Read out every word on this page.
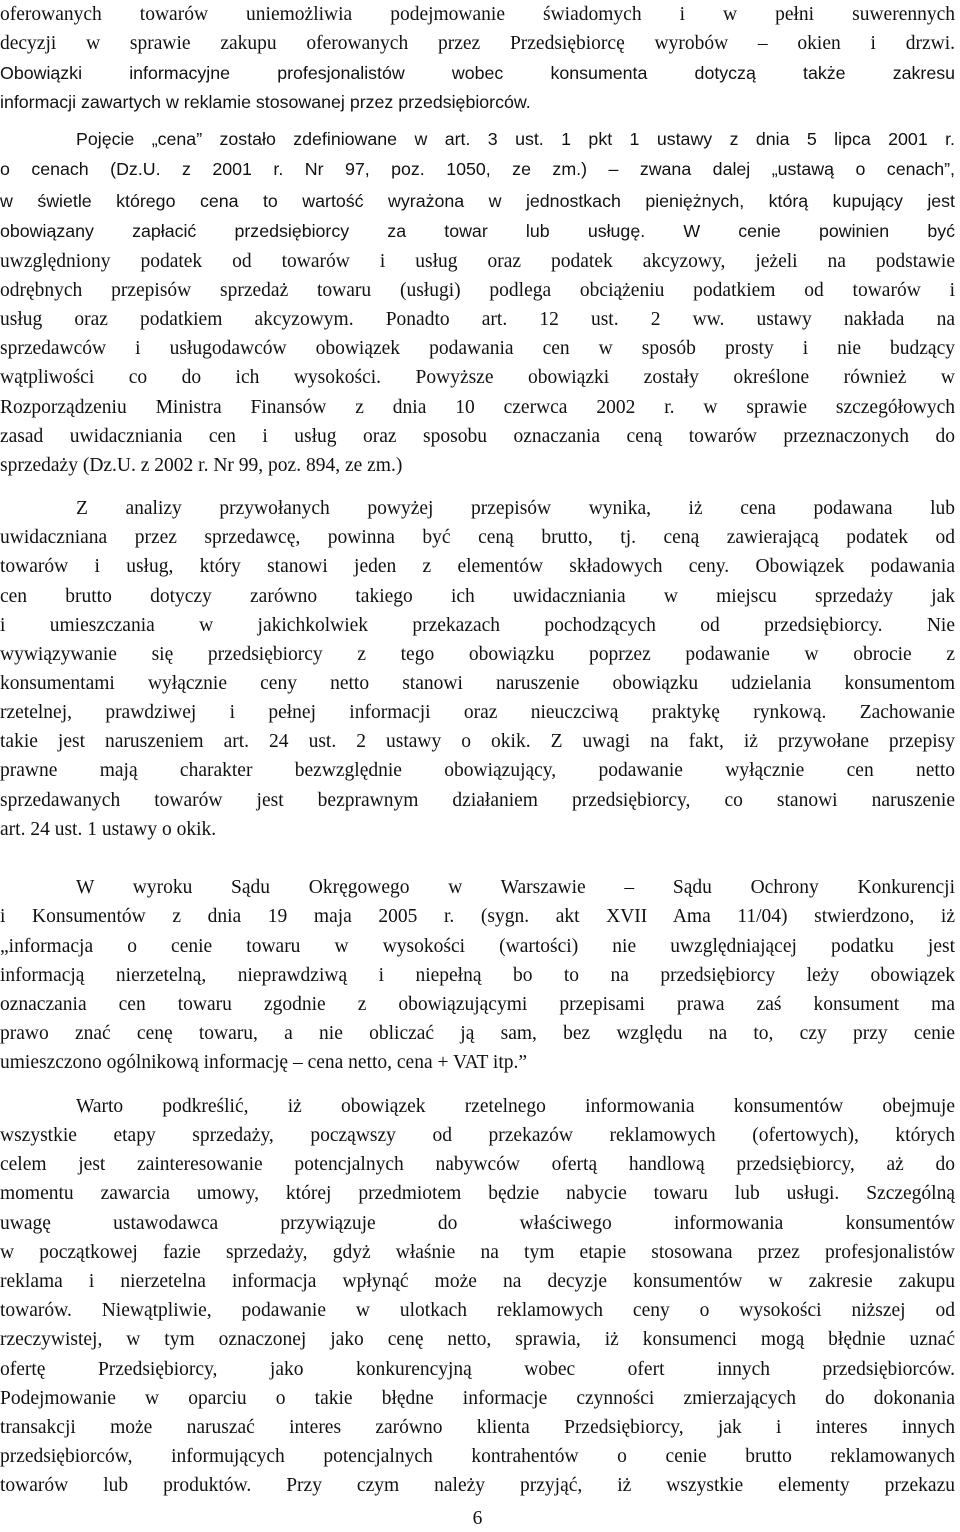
oferowanych towarów uniemożliwia podejmowanie świadomych i w pełni suwerennych
decyzji w sprawie zakupu oferowanych przez Przedsiębiorcę wyrobów – okien i drzwi.
Obowiązki informacyjne profesjonalistów wobec konsumenta dotyczą także zakresu
informacji zawartych w reklamie stosowanej przez przedsiębiorców.
Pojęcie „cena” zostało zdefiniowane w art. 3 ust. 1 pkt 1 ustawy z dnia 5 lipca 2001 r.
o cenach (Dz.U. z 2001 r. Nr 97, poz. 1050, ze zm.) – zwana dalej „ustawą o cenach”,
w świetle którego cena to wartość wyrażona w jednostkach pieniężnych, którą kupujący jest
obowiązany zapłacić przedsiębiorcy za towar lub usługę. W cenie powinien być
uwzględniony podatek od towarów i usług oraz podatek akcyzowy, jeżeli na podstawie
odrębnych przepisów sprzedaż towaru (usługi) podlega obciążeniu podatkiem od towarów i
usług oraz podatkiem akcyzowym. Ponadto art. 12 ust. 2 ww. ustawy nakłada na
sprzedawców i usługodawców obowiązek podawania cen w sposób prosty i nie budzący
wątpliwości co do ich wysokości. Powyższe obowiązki zostały określone również w
Rozporządzeniu Ministra Finansów z dnia 10 czerwca 2002 r. w sprawie szczegółowych
zasad uwidaczniania cen i usług oraz sposobu oznaczania ceną towarów przeznaczonych do
sprzedaży (Dz.U. z 2002 r. Nr 99, poz. 894, ze zm.)
Z analizy przywołanych powyżej przepisów wynika, iż cena podawana lub
uwidaczniana przez sprzedawcę, powinna być ceną brutto, tj. ceną zawierającą podatek od
towarów i usług, który stanowi jeden z elementów składowych ceny. Obowiązek podawania
cen brutto dotyczy zarówno takiego ich uwidaczniania w miejscu sprzedaży jak
i umieszczania w jakichkolwiek przekazach pochodzących od przedsiębiorcy. Nie
wywiązywanie się przedsiębiorcy z tego obowiązku poprzez podawanie w obrocie z
konsumentami wyłącznie ceny netto stanowi naruszenie obowiązku udzielania konsumentom
rzetelnej, prawdziwej i pełnej informacji oraz nieuczciwą praktykę rynkową. Zachowanie
takie jest naruszeniem art. 24 ust. 2 ustawy o okik. Z uwagi na fakt, iż przywołane przepisy
prawne mają charakter bezwzględnie obowiązujący, podawanie wyłącznie cen netto
sprzedawanych towarów jest bezprawnym działaniem przedsiębiorcy, co stanowi naruszenie
art. 24 ust. 1 ustawy o okik.
W wyroku Sądu Okręgowego w Warszawie – Sądu Ochrony Konkurencji
i Konsumentów z dnia 19 maja 2005 r. (sygn. akt XVII Ama 11/04) stwierdzono, iż
„informacja o cenie towaru w wysokości (wartości) nie uwzględniającej podatku jest
informacją nierzetelną, nieprawdziwą i niepełną bo to na przedsiębiorcy leży obowiązek
oznaczania cen towaru zgodnie z obowiązującymi przepisami prawa zaś konsument ma
prawo znać cenę towaru, a nie obliczać ją sam, bez względu na to, czy przy cenie
umieszczono ogólnikową informację – cena netto, cena + VAT itp.”
Warto podkreślić, iż obowiązek rzetelnego informowania konsumentów obejmuje
wszystkie etapy sprzedaży, począwszy od przekazów reklamowych (ofertowych), których
celem jest zainteresowanie potencjalnych nabywców ofertą handlową przedsiębiorcy, aż do
momentu zawarcia umowy, której przedmiotem będzie nabycie towaru lub usługi. Szczególną
uwagę ustawodawca przywiązuje do właściwego informowania konsumentów
w początkowej fazie sprzedaży, gdyż właśnie na tym etapie stosowana przez profesjonalistów
reklama i nierzetelna informacja wpłynąć może na decyzje konsumentów w zakresie zakupu
towarów. Niewątpliwie, podawanie w ulotkach reklamowych ceny o wysokości niższej od
rzeczywistej, w tym oznaczonej jako cenę netto, sprawia, iż konsumenci mogą błędnie uznać
ofertę Przedsiębiorcy, jako konkurencyjną wobec ofert innych przedsiębiorców.
Podejmowanie w oparciu o takie błędne informacje czynności zmierzających do dokonania
transakcji może naruszać interes zarówno klienta Przedsiębiorcy, jak i interes innych
przedsiębiorców, informujących potencjalnych kontrahentów o cenie brutto reklamowanych
towarów lub produktów. Przy czym należy przyjąć, iż wszystkie elementy przekazu
6
